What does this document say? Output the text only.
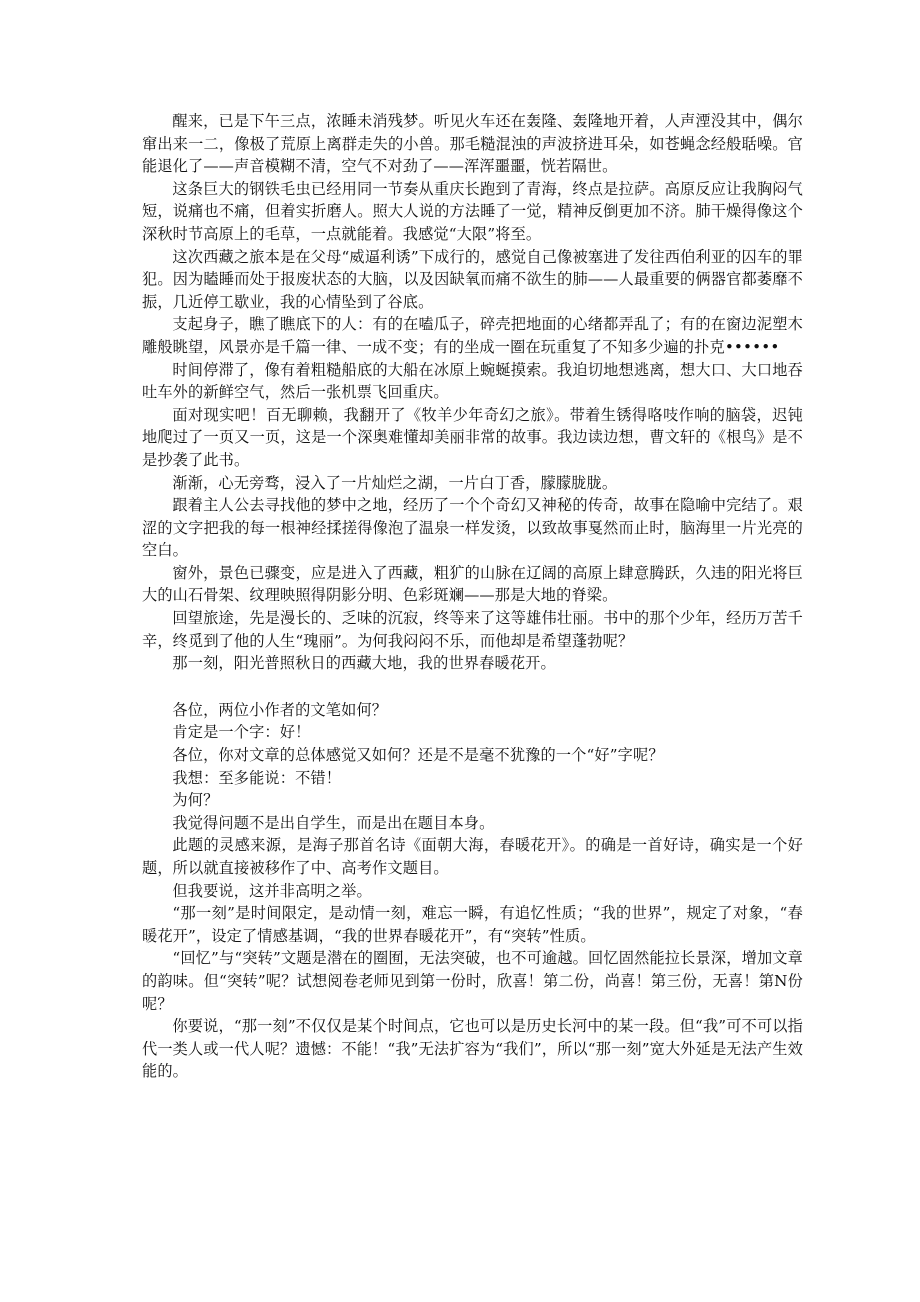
醒来，已是下午三点，浓睡未消残梦。听见火车还在轰隆、轰隆地开着，人声湮没其中，偶尔窜出来一二，像极了荒原上离群走失的小兽。那毛糙混浊的声波挤进耳朵，如苍蝇念经般聒噪。官能退化了——声音模糊不清，空气不对劲了——浑浑噩噩，恍若隔世。

这条巨大的钢铁毛虫已经用同一节奏从重庆长跑到了青海，终点是拉萨。高原反应让我胸闷气短，说痛也不痛，但着实折磨人。照大人说的方法睡了一觉，精神反倒更加不济。肺干燥得像这个深秋时节高原上的毛草，一点就能着。我感觉“大限”将至。

这次西藏之旅本是在父母“威逼利诱”下成行的，感觉自己像被塞进了发往西伯利亚的囚车的罪犯。因为瞌睡而处于报废状态的大脑，以及因缺氧而痛不欲生的肺——人最重要的俩器官都萎靡不振，几近停工歇业，我的心情坠到了谷底。

支起身子，瞧了瞧底下的人：有的在嗑瓜子，碎壳把地面的心绪都弄乱了；有的在窗边泥塑木雕般眺望，风景亦是千篇一律、一成不变；有的坐成一圈在玩重复了不知多少遍的扑克••••••

时间停滞了，像有着粗糙船底的大船在冰原上蜿蜒摸索。我迫切地想逃离，想大口、大口地吞吐车外的新鲜空气，然后一张机票飞回重庆。

面对现实吧！百无聊赖，我翻开了《牧羊少年奇幻之旅》。带着生锈得咯吱作响的脑袋，迟钝地爬过了一页又一页，这是一个深奥难懂却美丽非常的故事。我边读边想，曹文轩的《根鸟》是不是抄袭了此书。

渐渐，心无旁骛，浸入了一片灿烂之湖，一片白丁香，朦朦胧胧。

跟着主人公去寻找他的梦中之地，经历了一个个奇幻又神秘的传奇，故事在隐喻中完结了。艰涩的文字把我的每一根神经揉搓得像泡了温泉一样发烫，以致故事戛然而止时，脑海里一片光亮的空白。

窗外，景色已骤变，应是进入了西藏，粗犷的山脉在辽阔的高原上肆意腾跃，久违的阳光将巨大的山石骨架、纹理映照得阴影分明、色彩斑斓——那是大地的脊梁。

回望旅途，先是漫长的、乏味的沉寂，终等来了这等雄伟壮丽。书中的那个少年，经历万苦千辛，终觅到了他的人生“瑰丽”。为何我闷闷不乐，而他却是希望蓬勃呢？

那一刻，阳光普照秋日的西藏大地，我的世界春暖花开。

各位，两位小作者的文笔如何？

肯定是一个字：好！

各位，你对文章的总体感觉又如何？还是不是毫不犹豫的一个“好”字呢？

我想：至多能说：不错！

为何？

我觉得问题不是出自学生，而是出在题目本身。

此题的灵感来源，是海子那首名诗《面朝大海，春暖花开》。的确是一首好诗，确实是一个好题，所以就直接被移作了中、高考作文题目。

但我要说，这并非高明之举。

“那一刻”是时间限定，是动情一刻，难忘一瞬，有追忆性质；“我的世界”，规定了对象，“春暖花开”，设定了情感基调，“我的世界春暖花开”，有“突转”性质。

“回忆”与“突转”文题是潜在的圈囿，无法突破，也不可逾越。回忆固然能拉长景深，增加文章的韵味。但“突转”呢？试想阅卷老师见到第一份时，欣喜！第二份，尚喜！第三份，无喜！第N份呢？

你要说，“那一刻”不仅仅是某个时间点，它也可以是历史长河中的某一段。但“我”可不可以指代一类人或一代人呢？遗憾：不能！“我”无法扩容为“我们”，所以“那一刻”宽大外延是无法产生效能的。
